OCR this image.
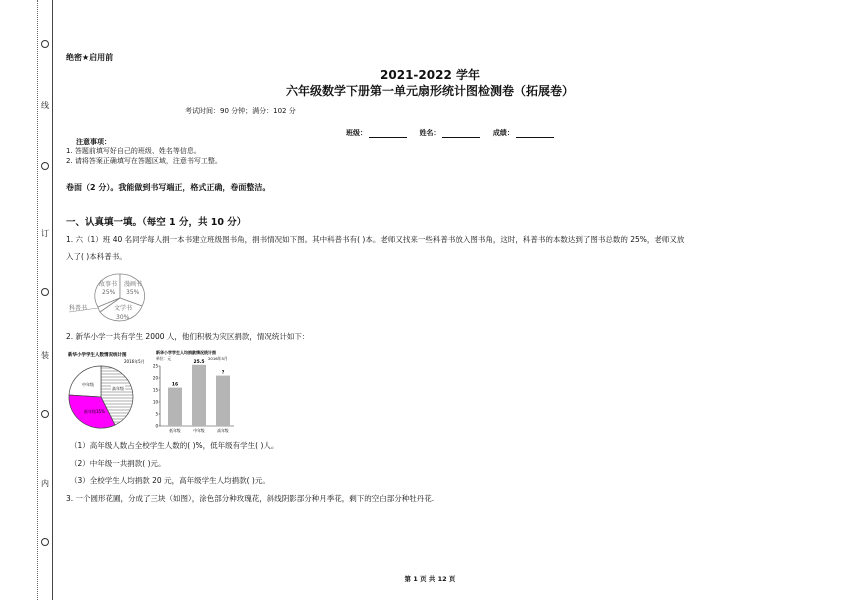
线
订
装
内
绝密★启用前
2021-2022 学年
六年级数学下册第一单元扇形统计图检测卷（拓展卷）
考试时间：90 分钟；满分：102 分
班级：	姓名：	成绩：
注意事项：
1. 答题前填写好自己的班级、姓名等信息。
2. 请将答案正确填写在答题区域，注意书写工整。
卷面（2 分）。我能做到书写端正，格式正确，卷面整洁。
一、认真填一填。（每空 1 分，共 10 分）
1. 六（1）班 40 名同学每人捐一本书建立班级图书角，捐书情况如下图。其中科普书有( )本。老师又找来一些科普书放入图书角，这时，科普书的本数达到了图书总数的 25%，老师又放
入了( )本科普书。
故事书
25%
漫画书
35%
文学书
30%
科普书
2. 新华小学一共有学生 2000 人，他们积极为灾区捐款，情况统计如下：
新华小学学生人数情况统计图
2016年5月
高年级
中年级
低年级35%
新华小学学生人均捐款情况统计图
单位：元	2016年5月
0
5
10
15
20
25
16
低年级
25.5
中年级
?
高年级
（1）高年级人数占全校学生人数的( )%，低年级有学生( )人。
（2）中年级一共捐款( )元。
（3）全校学生人均捐款 20 元，高年级学生人均捐款( )元。
3. 一个圆形花圃，分成了三块（如图），涂色部分种玫瑰花，斜线阴影部分种月季花，剩下的空白部分种牡丹花.
第 1 页 共 12 页
